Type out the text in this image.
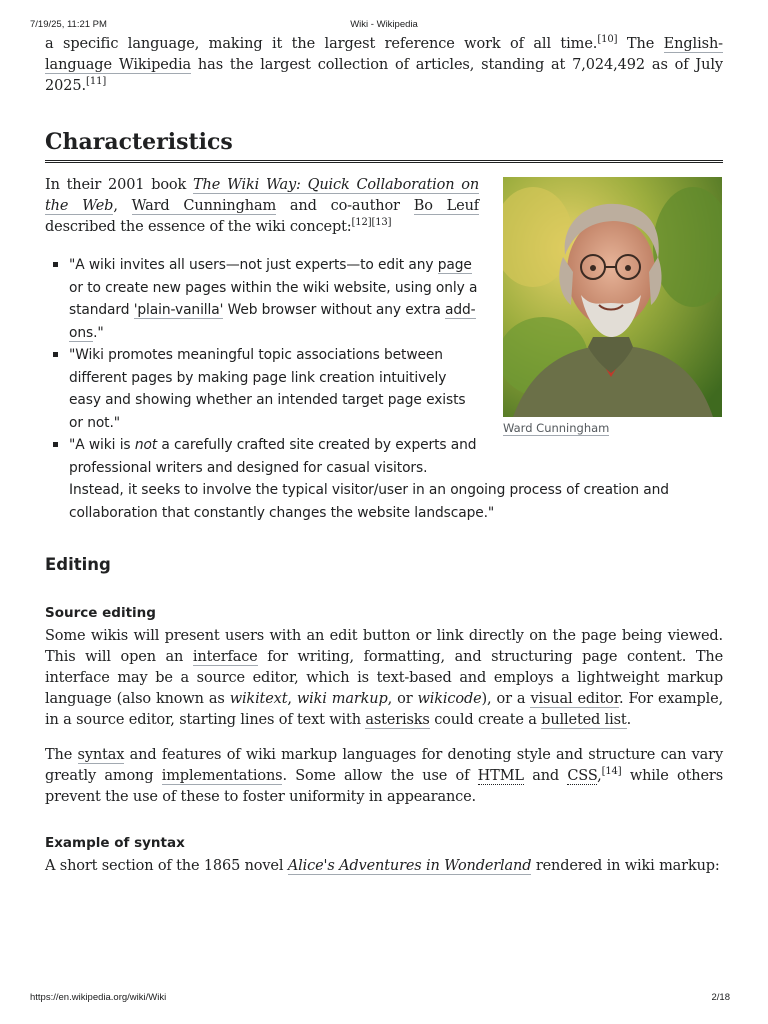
7/19/25, 11:21 PM	Wiki - Wikipedia

a specific language, making it the largest reference work of all time.[10] The English-language Wikipedia has the largest collection of articles, standing at 7,024,492 as of July 2025.[11]

Characteristics

In their 2001 book The Wiki Way: Quick Collaboration on the Web, Ward Cunningham and co-author Bo Leuf described the essence of the wiki concept:[12][13]

Ward Cunningham
"A wiki invites all users—not just experts—to edit any page or to create new pages within the wiki website, using only a standard 'plain-vanilla' Web browser without any extra add-ons."
"Wiki promotes meaningful topic associations between different pages by making page link creation intuitively easy and showing whether an intended target page exists or not."
"A wiki is not a carefully crafted site created by experts and professional writers and designed for casual visitors.
Instead, it seeks to involve the typical visitor/user in an ongoing process of creation and collaboration that constantly changes the website landscape."
Editing
Source editing

Some wikis will present users with an edit button or link directly on the page being viewed. This will open an interface for writing, formatting, and structuring page content. The interface may be a source editor, which is text-based and employs a lightweight markup language (also known as wikitext, wiki markup, or wikicode), or a visual editor. For example, in a source editor, starting lines of text with asterisks could create a bulleted list.

The syntax and features of wiki markup languages for denoting style and structure can vary greatly among implementations. Some allow the use of HTML and CSS,[14] while others prevent the use of these to foster uniformity in appearance.

Example of syntax

A short section of the 1865 novel Alice's Adventures in Wonderland rendered in wiki markup:

https://en.wikipedia.org/wiki/Wiki	2/18
